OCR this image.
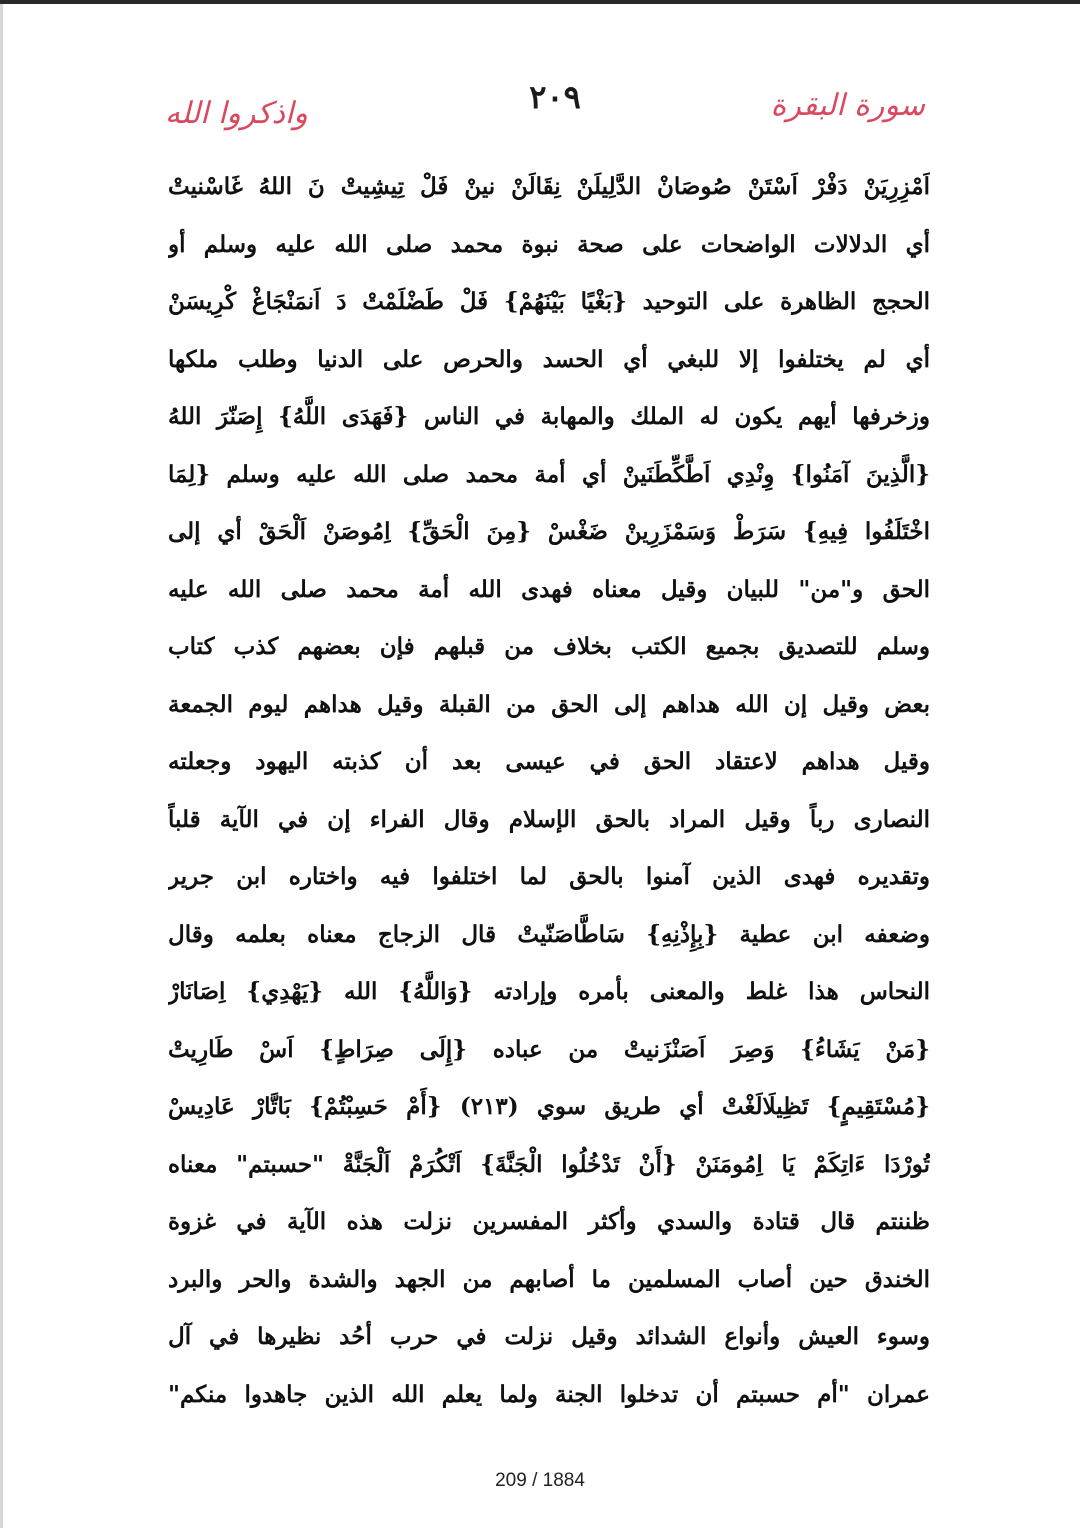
واذكروا الله	٢٠٩	سورة البقرة
اَمْزِرِيَنْ دَفْرْ اَسْتَنْ صُوصَانْ الدَّلِيلَنْ نِقَالَنْ نينْ فَلْ تِيشِيتْ نَ اللهُ غَاسْنيتْ
أي الدلالات الواضحات على صحة نبوة محمد صلى الله عليه وسلم أو
الحجج الظاهرة على التوحيد {بَغْيًا بَيْنَهُمْ} فَلْ طَضْلَمْتْ دَ اَنمَنْجَاغْ كْرِيسَنْ
أي لم يختلفوا إلا للبغي أي الحسد والحرص على الدنيا وطلب ملكها
وزخرفها أيهم يكون له الملك والمهابة في الناس {فَهَدَى اللَّهُ} إِصَنّرَ اللهُ
{الَّذِينَ آمَنُوا} وِنْدِي اَطَّكِّطَنَينْ أي أمة محمد صلى الله عليه وسلم {لِمَا
اخْتَلَفُوا فِيهِ} سَرَطْ وَسَمْزَرِينْ ضَغْسْ {مِنَ الْحَقِّ} اِمُوصَنْ اَلْحَقْ أي إلى
الحق و"من" للبيان وقيل معناه فهدى الله أمة محمد صلى الله عليه
وسلم للتصديق بجميع الكتب بخلاف من قبلهم فإن بعضهم كذب كتاب
بعض وقيل إن الله هداهم إلى الحق من القبلة وقيل هداهم ليوم الجمعة
وقيل هداهم لاعتقاد الحق في عيسى بعد أن كذبته اليهود وجعلته
النصارى رباً وقيل المراد بالحق الإسلام وقال الفراء إن في الآية قلباً
وتقديره فهدى الذين آمنوا بالحق لما اختلفوا فيه واختاره ابن جرير
وضعفه ابن عطية {بِإِذْنِهِ} سَاطَّاصَنّيتْ قال الزجاج معناه بعلمه وقال
النحاس هذا غلط والمعنى بأمره وإرادته {وَاللَّهُ} الله {يَهْدِي} اِصَانَارْ
{مَنْ يَشَاءُ} وَصِرَ اَصَنْزَنيتْ من عباده {إِلَى صِرَاطٍ} اَسْ طَارِيتْ
{مُسْتَقِيمٍ} تَظِيلَالَغْتْ أي طريق سوي (٢١٣) {أَمْ حَسِبْتُمْ} بَاتَّارْ عَادِيسْ
تُورْدَا ءَاتِكَمْ يَا اِمُومَنَنْ {أَنْ تَدْخُلُوا الْجَنَّةَ} اَتْكُرَمْ اَلْجَنَّةْ "حسبتم" معناه
ظننتم قال قتادة والسدي وأكثر المفسرين نزلت هذه الآية في غزوة
الخندق حين أصاب المسلمين ما أصابهم من الجهد والشدة والحر والبرد
وسوء العيش وأنواع الشدائد وقيل نزلت في حرب أحُد نظيرها في آل
عمران "أم حسبتم أن تدخلوا الجنة ولما يعلم الله الذين جاهدوا منكم"
209 / 1884
